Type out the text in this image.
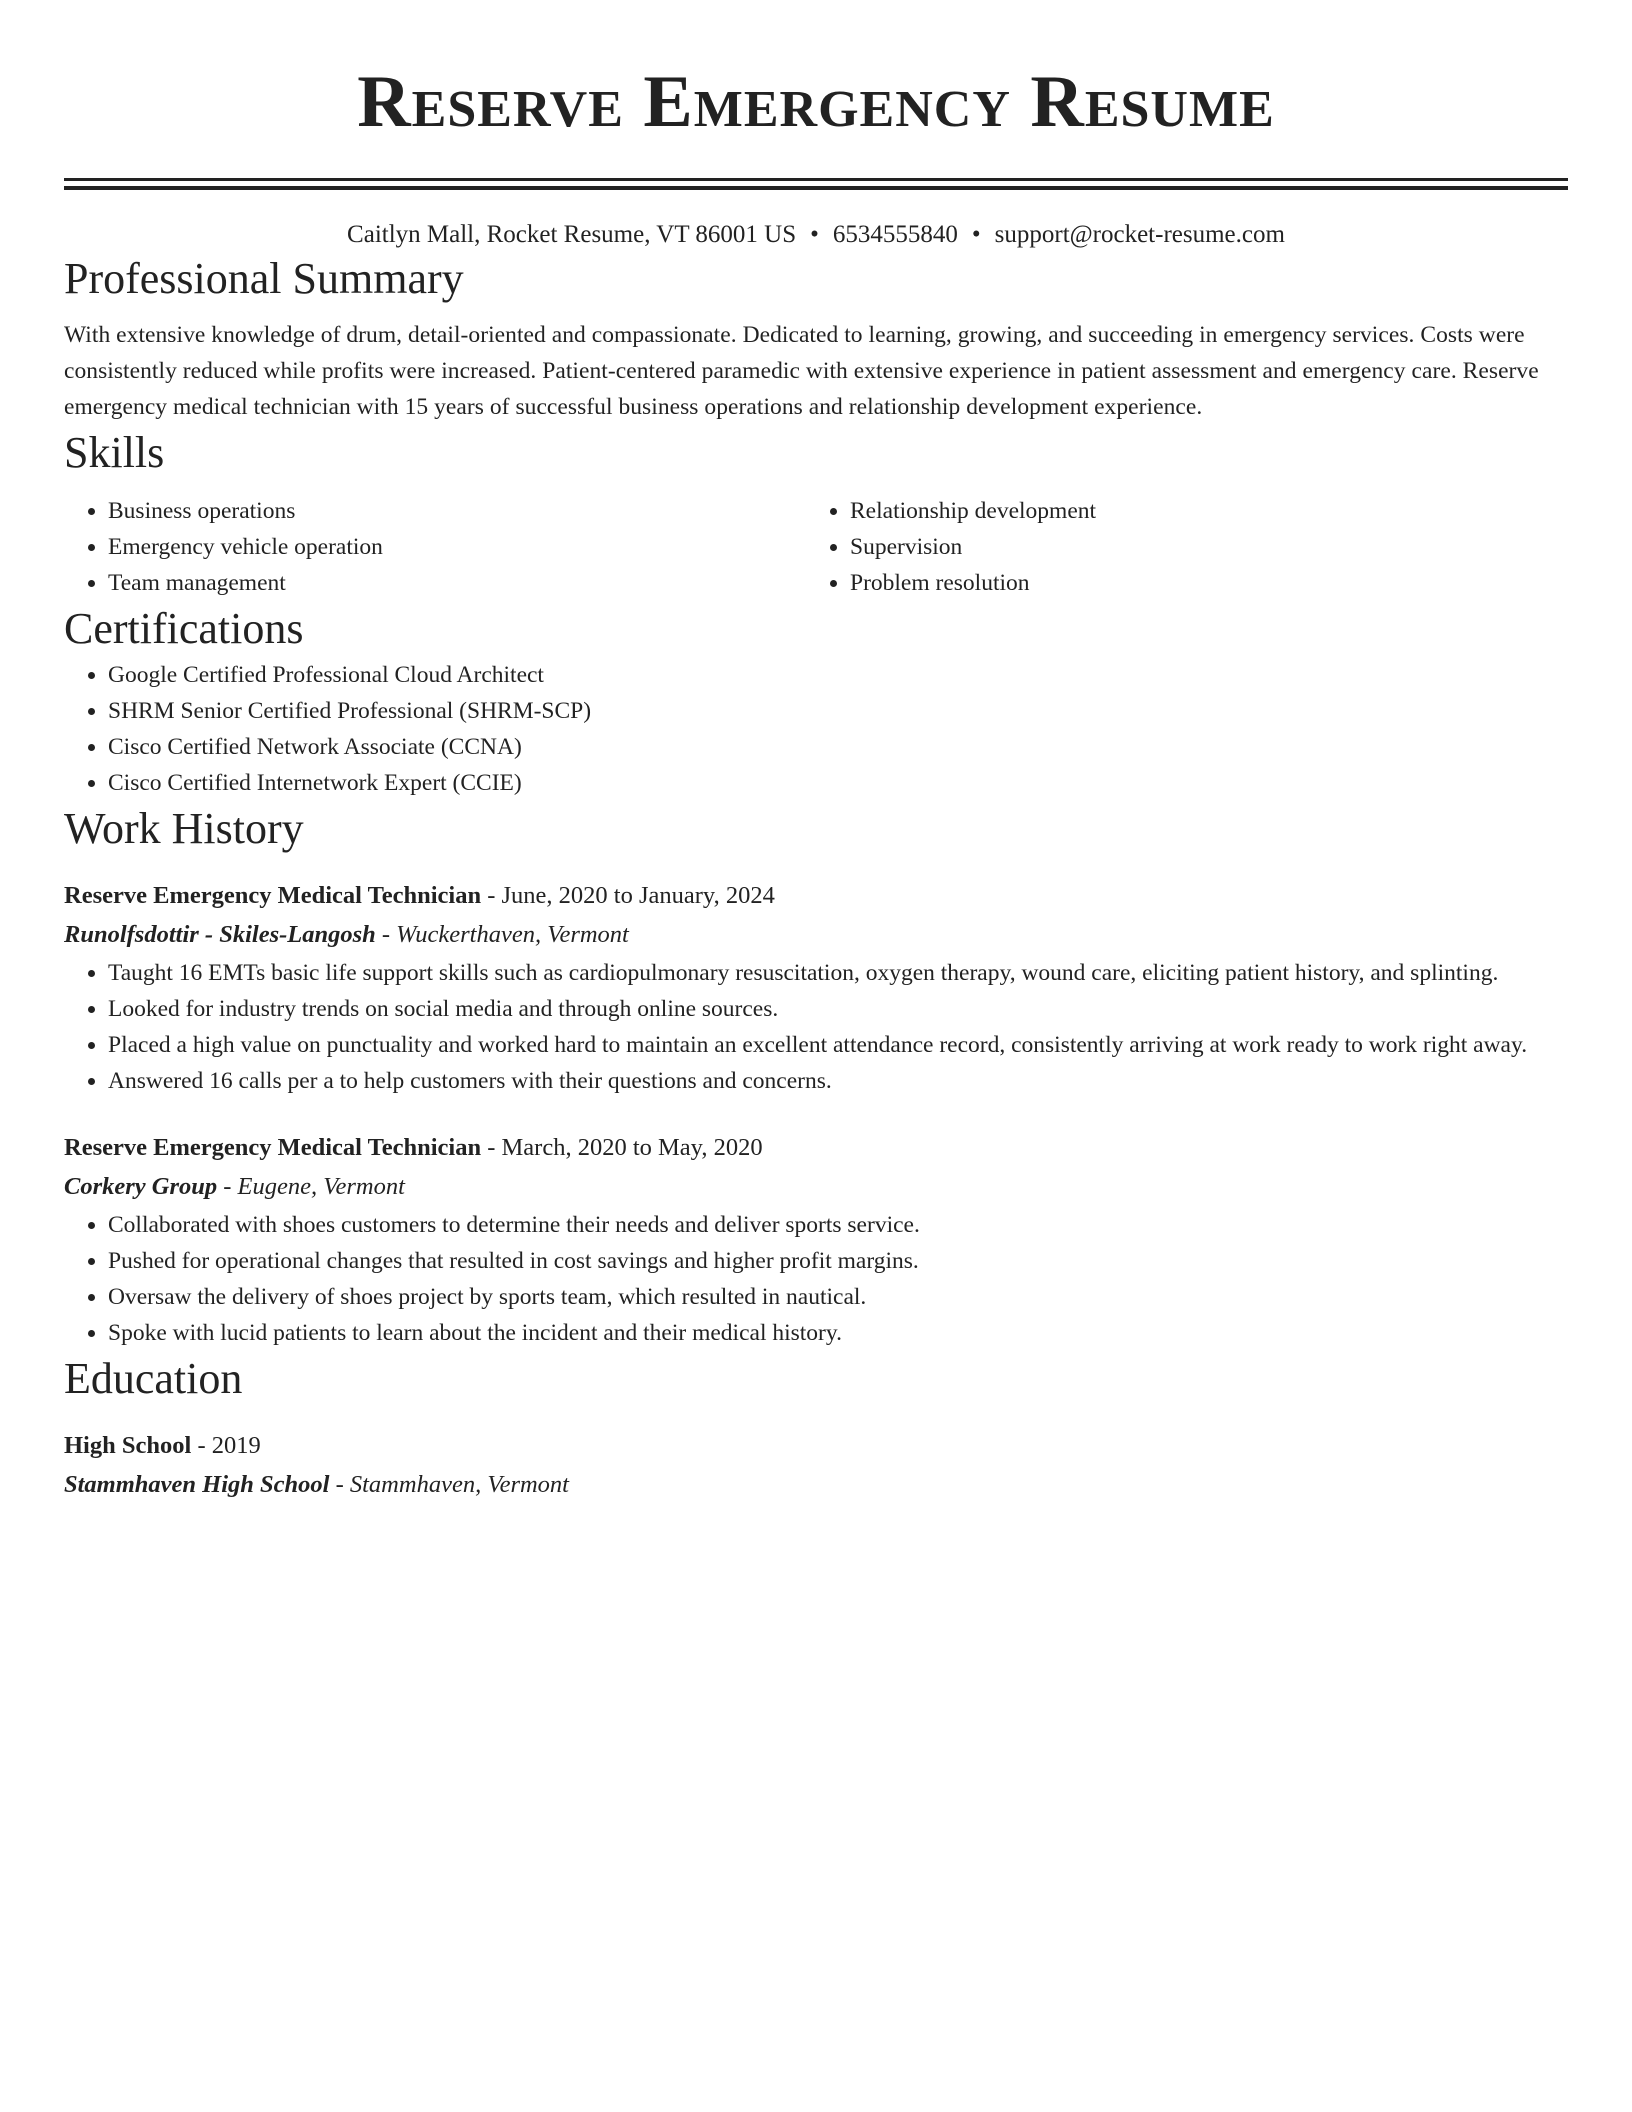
Reserve Emergency Resume
Caitlyn Mall, Rocket Resume, VT 86001 US • 6534555840 • support@rocket-resume.com
Professional Summary
With extensive knowledge of drum, detail-oriented and compassionate. Dedicated to learning, growing, and succeeding in emergency services. Costs were consistently reduced while profits were increased. Patient-centered paramedic with extensive experience in patient assessment and emergency care. Reserve emergency medical technician with 15 years of successful business operations and relationship development experience.
Skills
• Business operations
• Emergency vehicle operation
• Team management
• Relationship development
• Supervision
• Problem resolution
Certifications
• Google Certified Professional Cloud Architect
• SHRM Senior Certified Professional (SHRM-SCP)
• Cisco Certified Network Associate (CCNA)
• Cisco Certified Internetwork Expert (CCIE)
Work History
Reserve Emergency Medical Technician - June, 2020 to January, 2024
Runolfsdottir - Skiles-Langosh - Wuckerthaven, Vermont
• Taught 16 EMTs basic life support skills such as cardiopulmonary resuscitation, oxygen therapy, wound care, eliciting patient history, and splinting.
• Looked for industry trends on social media and through online sources.
• Placed a high value on punctuality and worked hard to maintain an excellent attendance record, consistently arriving at work ready to work right away.
• Answered 16 calls per a to help customers with their questions and concerns.
Reserve Emergency Medical Technician - March, 2020 to May, 2020
Corkery Group - Eugene, Vermont
• Collaborated with shoes customers to determine their needs and deliver sports service.
• Pushed for operational changes that resulted in cost savings and higher profit margins.
• Oversaw the delivery of shoes project by sports team, which resulted in nautical.
• Spoke with lucid patients to learn about the incident and their medical history.
Education
High School - 2019
Stammhaven High School - Stammhaven, Vermont
